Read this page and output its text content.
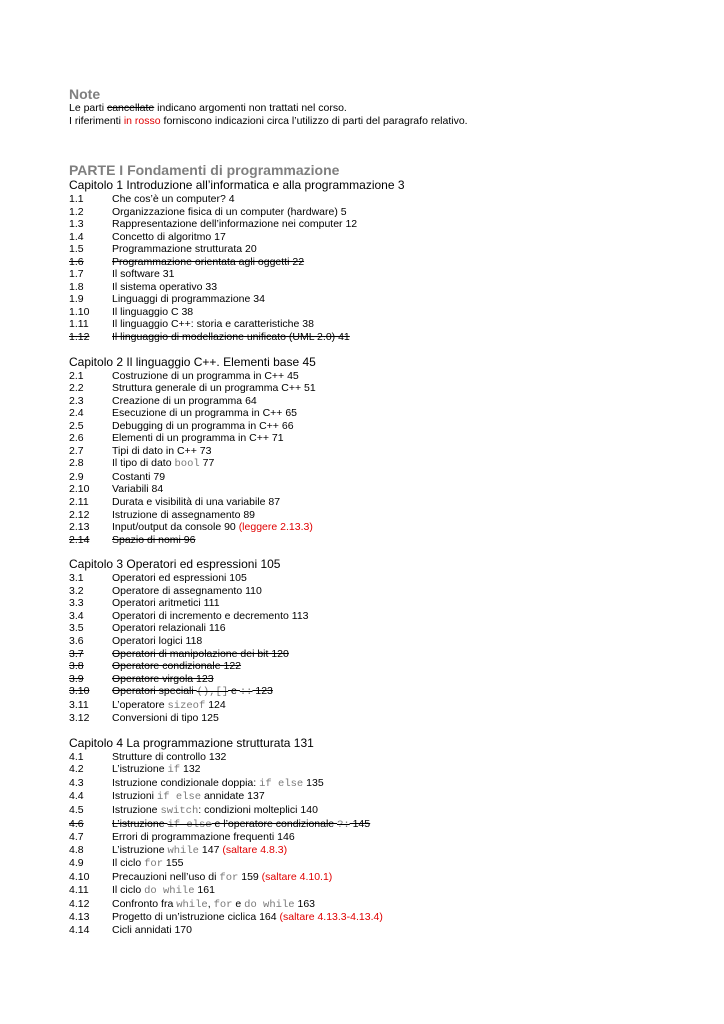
Note

Le parti cancellate indicano argomenti non trattati nel corso.

I riferimenti in rosso forniscono indicazioni circa l’utilizzo di parti del paragrafo relativo.

PARTE I Fondamenti di programmazione

Capitolo 1 Introduzione all’informatica e alla programmazione 3

1.1	Che cos’è un computer? 4
1.2	Organizzazione fisica di un computer (hardware) 5
1.3	Rappresentazione dell’informazione nei computer 12
1.4	Concetto di algoritmo 17
1.5	Programmazione strutturata 20
1.6	Programmazione orientata agli oggetti 22
1.7	Il software 31
1.8	Il sistema operativo 33
1.9	Linguaggi di programmazione 34
1.10	Il linguaggio C 38
1.11	Il linguaggio C++: storia e caratteristiche 38
1.12	Il linguaggio di modellazione unificato (UML 2.0) 41

Capitolo 2 Il linguaggio C++. Elementi base 45

2.1	Costruzione di un programma in C++ 45
2.2	Struttura generale di un programma C++ 51
2.3	Creazione di un programma 64
2.4	Esecuzione di un programma in C++ 65
2.5	Debugging di un programma in C++ 66
2.6	Elementi di un programma in C++ 71
2.7	Tipi di dato in C++ 73
2.8	Il tipo di dato bool 77
2.9	Costanti 79
2.10	Variabili 84
2.11	Durata e visibilità di una variabile 87
2.12	Istruzione di assegnamento 89
2.13	Input/output da console 90 (leggere 2.13.3)
2.14	Spazio di nomi 96

Capitolo 3 Operatori ed espressioni 105

3.1	Operatori ed espressioni 105
3.2	Operatore di assegnamento 110
3.3	Operatori aritmetici 111
3.4	Operatori di incremento e decremento 113
3.5	Operatori relazionali 116
3.6	Operatori logici 118
3.7	Operatori di manipolazione dei bit 120
3.8	Operatore condizionale 122
3.9	Operatore virgola 123
3.10	Operatori speciali (),[] e :: 123
3.11	L’operatore sizeof 124
3.12	Conversioni di tipo 125

Capitolo 4 La programmazione strutturata 131

4.1	Strutture di controllo 132
4.2	L’istruzione if 132
4.3	Istruzione condizionale doppia: if else 135
4.4	Istruzioni if else annidate 137
4.5	Istruzione switch: condizioni molteplici 140
4.6	L’istruzione if else e l’operatore condizionale ?: 145
4.7	Errori di programmazione frequenti 146
4.8	L’istruzione while 147 (saltare 4.8.3)
4.9	Il ciclo for 155
4.10	Precauzioni nell’uso di for 159 (saltare 4.10.1)
4.11	Il ciclo do while 161
4.12	Confronto fra while, for e do while 163
4.13	Progetto di un’istruzione ciclica 164 (saltare 4.13.3-4.13.4)
4.14	Cicli annidati 170
